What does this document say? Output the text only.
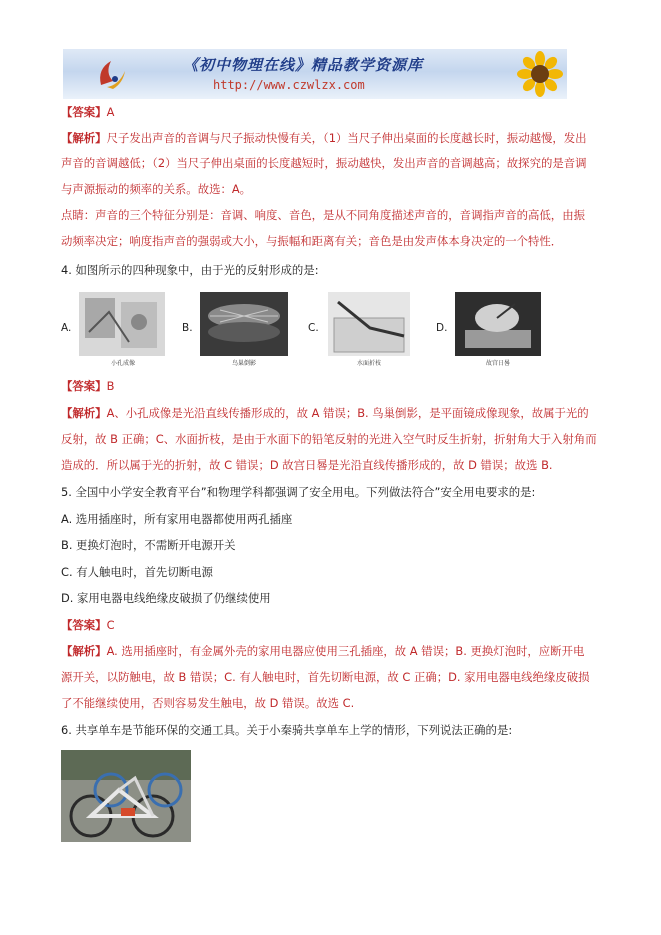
《初中物理在线》精品教学资源库
http://www.czwlzx.com
【答案】A
【解析】尺子发出声音的音调与尺子振动快慢有关，（1）当尺子伸出桌面的长度越长时，振动越慢，发出
声音的音调越低；（2）当尺子伸出桌面的长度越短时，振动越快，发出声音的音调越高；故探究的是音调
与声源振动的频率的关系。故选：A。
点睛：声音的三个特征分别是：音调、响度、音色，是从不同角度描述声音的，音调指声音的高低，由振
动频率决定；响度指声音的强弱或大小，与振幅和距离有关；音色是由发声体本身决定的一个特性．
4. 如图所示的四种现象中，由于光的反射形成的是:
A.
小孔成像
B.
鸟巢倒影
C.
水面折枝
D.
故宫日晷
【答案】B
【解析】A、小孔成像是光沿直线传播形成的，故 A 错误；B. 鸟巢倒影，是平面镜成像现象，故属于光的
反射，故 B 正确；C、水面折枝，是由于水面下的铅笔反射的光进入空气时反生折射，折射角大于入射角而
造成的．所以属于光的折射，故 C 错误；D 故宫日晷是光沿直线传播形成的，故 D 错误；故选 B.
5. 全国中小学安全教育平台”和物理学科都强调了安全用电。下列做法符合”安全用电要求的是:
A. 选用插座时，所有家用电器都使用两孔插座
B. 更换灯泡时，不需断开电源开关
C. 有人触电时，首先切断电源
D. 家用电器电线绝缘皮破损了仍继续使用
【答案】C
【解析】A. 选用插座时，有金属外壳的家用电器应使用三孔插座，故 A 错误；B. 更换灯泡时，应断开电
源开关，以防触电，故 B 错误；C. 有人触电时，首先切断电源，故 C 正确；D. 家用电器电线绝缘皮破损
了不能继续使用，否则容易发生触电，故 D 错误。故选 C.
6. 共享单车是节能环保的交通工具。关于小秦骑共享单车上学的情形，下列说法正确的是:
